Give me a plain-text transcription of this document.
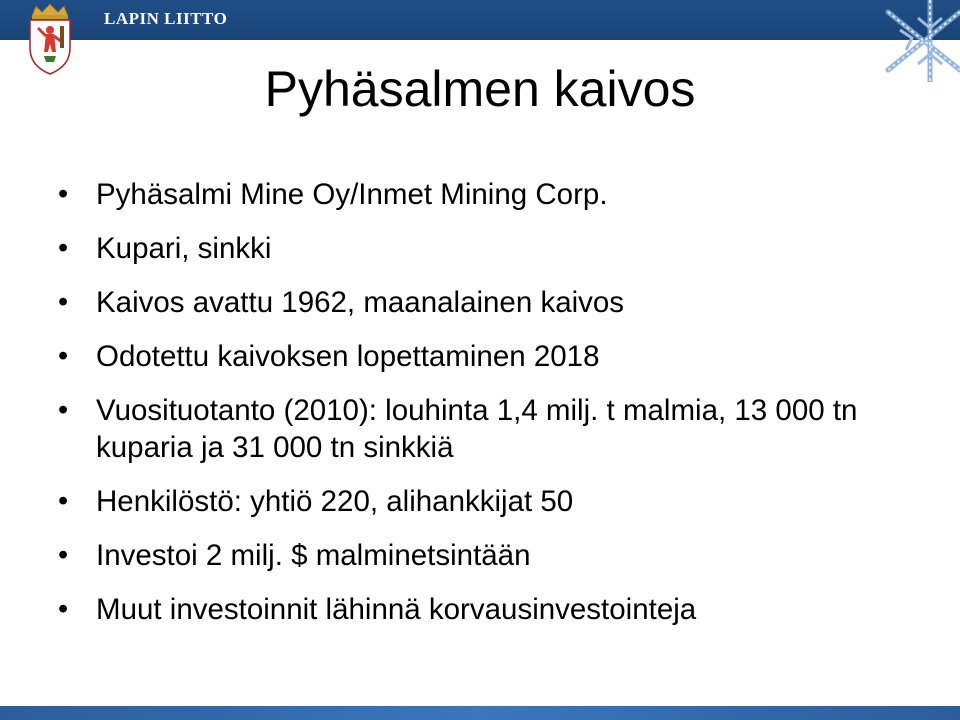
LAPIN LIITTO
Pyhäsalmen kaivos
• Pyhäsalmi Mine Oy/Inmet Mining Corp.
• Kupari, sinkki
• Kaivos avattu 1962, maanalainen kaivos
• Odotettu kaivoksen lopettaminen 2018
• Vuosituotanto (2010): louhinta 1,4 milj. t malmia, 13 000 tn kuparia ja 31 000 tn sinkkiä
• Henkilöstö: yhtiö 220, alihankkijat 50
• Investoi 2 milj. $ malminetsintään
• Muut investoinnit lähinnä korvausinvestointeja
